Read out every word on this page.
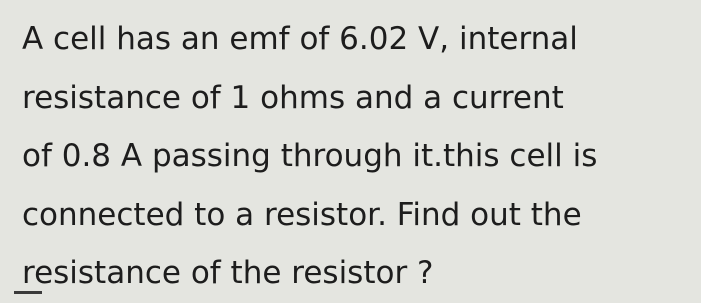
A cell has an emf of 6.02 V, internal
resistance of 1 ohms and a current
of 0.8 A passing through it.this cell is
connected to a resistor. Find out the
resistance of the resistor ?
